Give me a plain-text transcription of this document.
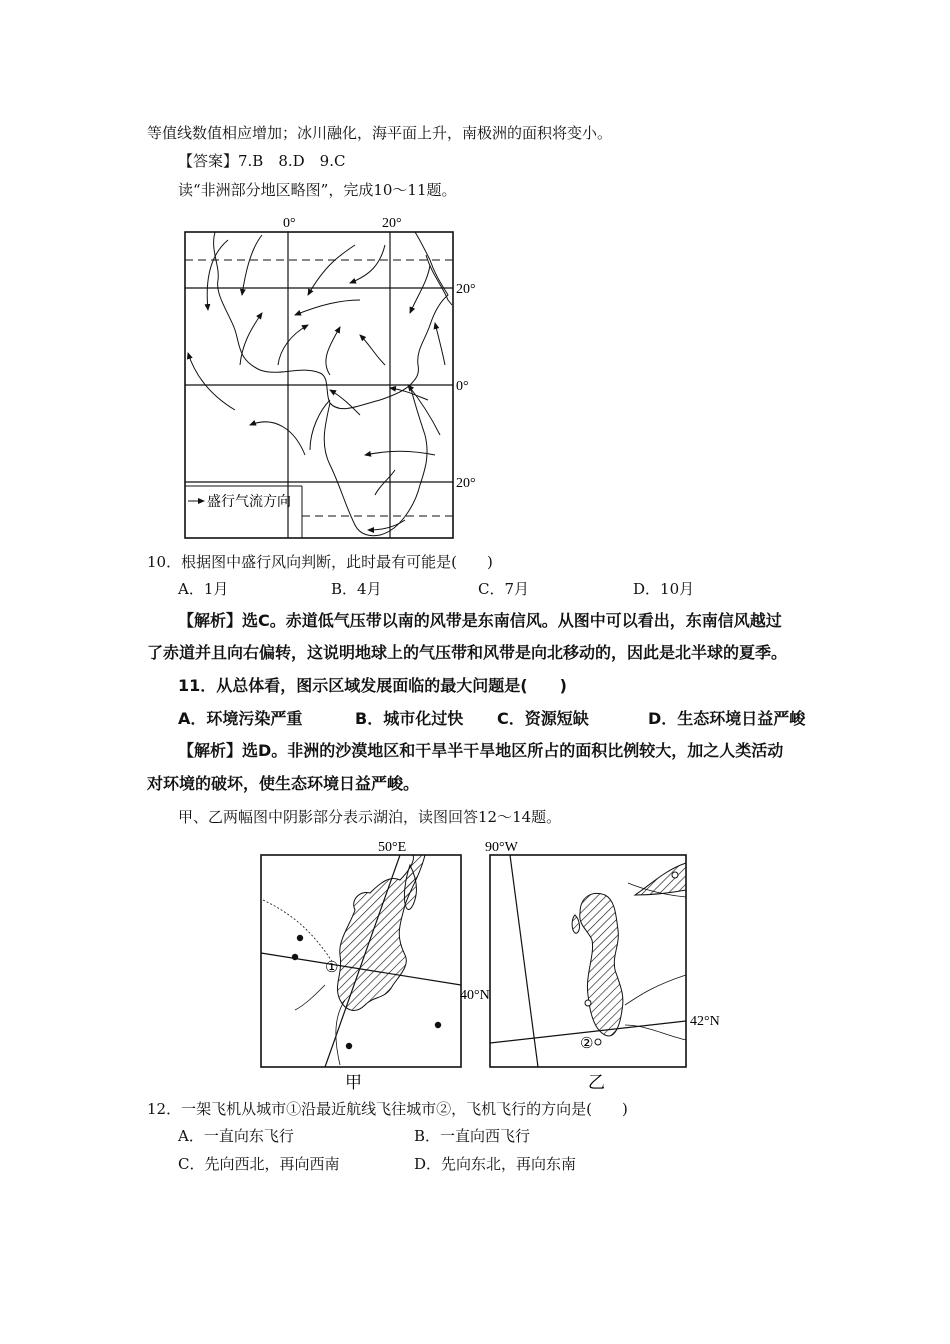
等值线数值相应增加；冰川融化，海平面上升，南极洲的面积将变小。
【答案】7.B　8.D　9.C
读“非洲部分地区略图”，完成10～11题。
盛行气流方向
0°	20°
20°
0°
20°
10．根据图中盛行风向判断，此时最有可能是(　　)
A．1月	B．4月	C．7月	D．10月
【解析】选C。赤道低气压带以南的风带是东南信风。从图中可以看出，东南信风越过
了赤道并且向右偏转，这说明地球上的气压带和风带是向北移动的，因此是北半球的夏季。
11．从总体看，图示区域发展面临的最大问题是(　　)
A．环境污染严重	B．城市化过快 C．资源短缺	D．生态环境日益严峻
【解析】选D。非洲的沙漠地区和干旱半干旱地区所占的面积比例较大，加之人类活动
对环境的破坏，使生态环境日益严峻。
甲、乙两幅图中阴影部分表示湖泊，读图回答12～14题。
①
50°E
40°N
甲
②
90°W
42°N
乙
12．一架飞机从城市①沿最近航线飞往城市②，飞机飞行的方向是(　　)
A．一直向东飞行	B．一直向西飞行
C．先向西北，再向西南	D．先向东北，再向东南
